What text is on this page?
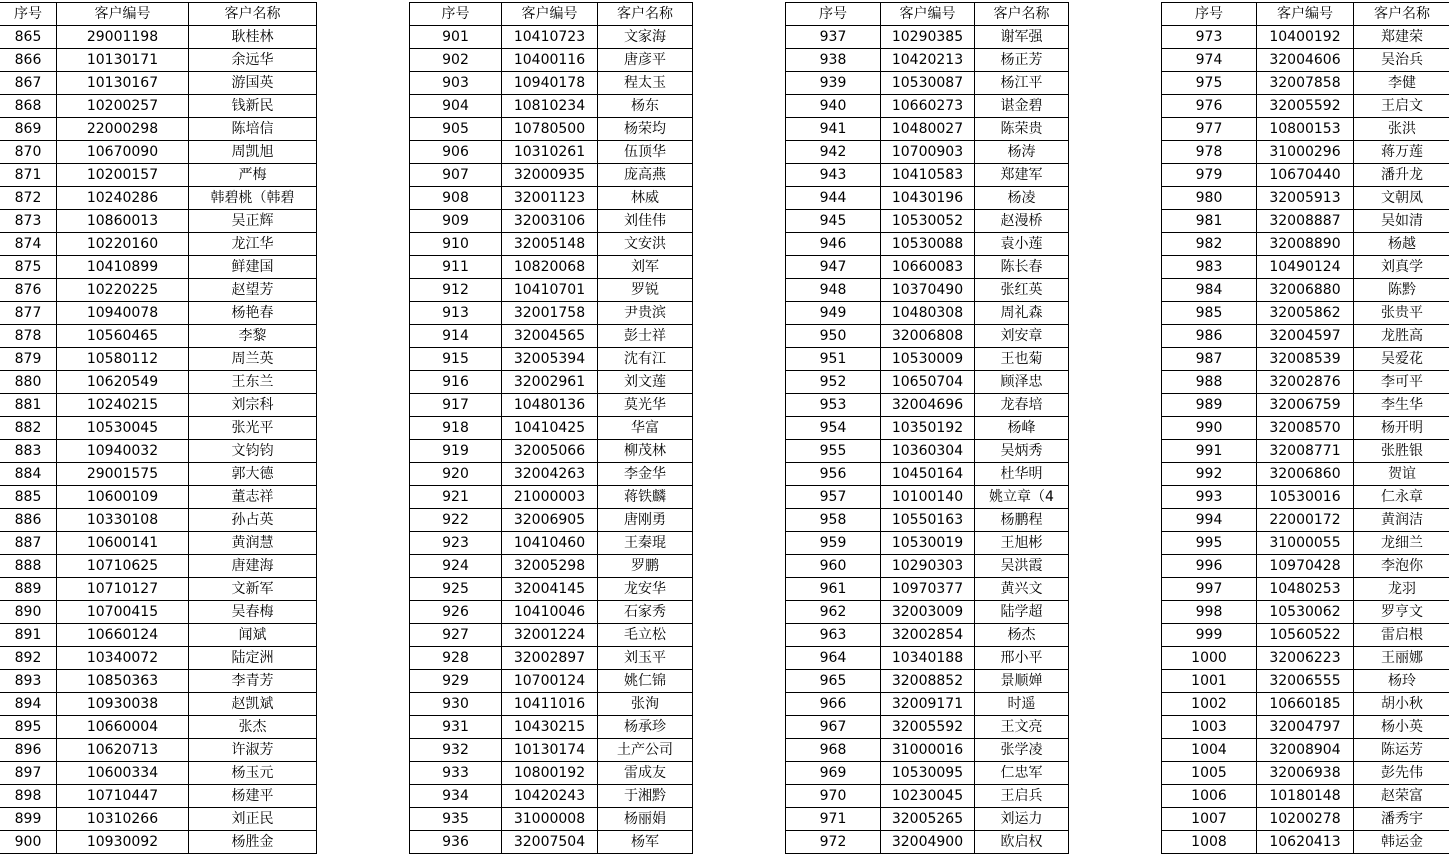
序号	客户编号	客户名称
865	29001198	耿桂林
866	10130171	余远华
867	10130167	游国英
868	10200257	钱新民
869	22000298	陈培信
870	10670090	周凯旭
871	10200157	严梅
872	10240286	韩碧桃（韩碧
873	10860013	吴正辉
874	10220160	龙江华
875	10410899	鲜建国
876	10220225	赵望芳
877	10940078	杨艳春
878	10560465	李黎
879	10580112	周兰英
880	10620549	王东兰
881	10240215	刘宗科
882	10530045	张光平
883	10940032	文钧钧
884	29001575	郭大德
885	10600109	董志祥
886	10330108	孙占英
887	10600141	黄润慧
888	10710625	唐建海
889	10710127	文新军
890	10700415	吴春梅
891	10660124	闻斌
892	10340072	陆定洲
893	10850363	李青芳
894	10930038	赵凯斌
895	10660004	张杰
896	10620713	许淑芳
897	10600334	杨玉元
898	10710447	杨建平
899	10310266	刘正民
900	10930092	杨胜金
序号	客户编号	客户名称
901	10410723	文家海
902	10400116	唐彦平
903	10940178	程太玉
904	10810234	杨东
905	10780500	杨荣均
906	10310261	伍顶华
907	32000935	庞高燕
908	32001123	林威
909	32003106	刘佳伟
910	32005148	文安洪
911	10820068	刘军
912	10410701	罗锐
913	32001758	尹贵滨
914	32004565	彭士祥
915	32005394	沈有江
916	32002961	刘文莲
917	10480136	莫光华
918	10410425	华富
919	32005066	柳茂林
920	32004263	李金华
921	21000003	蒋铁麟
922	32006905	唐刚勇
923	10410460	王秦琨
924	32005298	罗鹏
925	32004145	龙安华
926	10410046	石家秀
927	32001224	毛立松
928	32002897	刘玉平
929	10700124	姚仁锦
930	10411016	张洵
931	10430215	杨承珍
932	10130174	土产公司
933	10800192	雷成友
934	10420243	于湘黔
935	31000008	杨丽娟
936	32007504	杨军
序号	客户编号	客户名称
937	10290385	谢军强
938	10420213	杨正芳
939	10530087	杨江平
940	10660273	谌金碧
941	10480027	陈荣贵
942	10700903	杨涛
943	10410583	郑建军
944	10430196	杨凌
945	10530052	赵漫桥
946	10530088	袁小莲
947	10660083	陈长春
948	10370490	张红英
949	10480308	周礼森
950	32006808	刘安章
951	10530009	王也菊
952	10650704	顾泽忠
953	32004696	龙春培
954	10350192	杨峰
955	10360304	吴炳秀
956	10450164	杜华明
957	10100140	姚立章（4
958	10550163	杨鹏程
959	10530019	王旭彬
960	10290303	吴洪霞
961	10970377	黄兴文
962	32003009	陆学超
963	32002854	杨杰
964	10340188	邢小平
965	32008852	景顺婵
966	32009171	时遥
967	32005592	王文亮
968	31000016	张学凌
969	10530095	仁忠军
970	10230045	王启兵
971	32005265	刘运力
972	32004900	欧启权
序号	客户编号	客户名称
973	10400192	郑建荣
974	32004606	吴治兵
975	32007858	李健
976	32005592	王启文
977	10800153	张洪
978	31000296	蒋万莲
979	10670440	潘升龙
980	32005913	文朝凤
981	32008887	吴如清
982	32008890	杨越
983	10490124	刘真学
984	32006880	陈黔
985	32005862	张贵平
986	32004597	龙胜高
987	32008539	吴爱花
988	32002876	李可平
989	32006759	李生华
990	32008570	杨开明
991	32008771	张胜银
992	32006860	贺谊
993	10530016	仁永章
994	22000172	黄润洁
995	31000055	龙细兰
996	10970428	李泡你
997	10480253	龙羽
998	10530062	罗亨文
999	10560522	雷启根
1000	32006223	王丽娜
1001	32006555	杨玲
1002	10660185	胡小秋
1003	32004797	杨小英
1004	32008904	陈运芳
1005	32006938	彭先伟
1006	10180148	赵荣富
1007	10200278	潘秀宇
1008	10620413	韩运金
